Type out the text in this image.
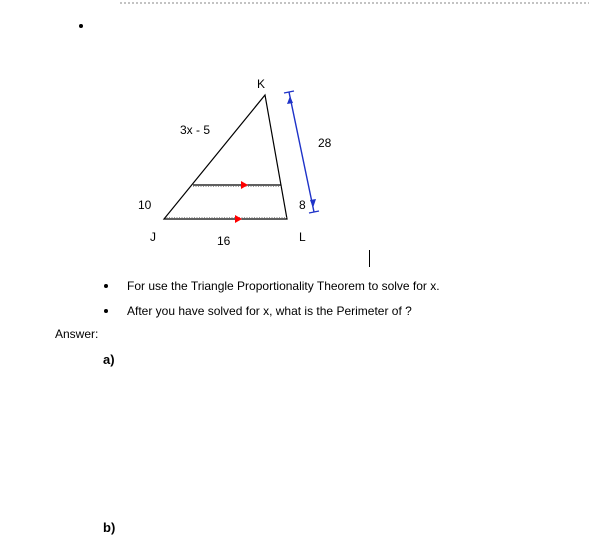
K
J	L
3x - 5
10
16
8
28
For use the Triangle Proportionality Theorem to solve for x.
After you have solved for x, what is the Perimeter of ?
Answer:
a)
b)
